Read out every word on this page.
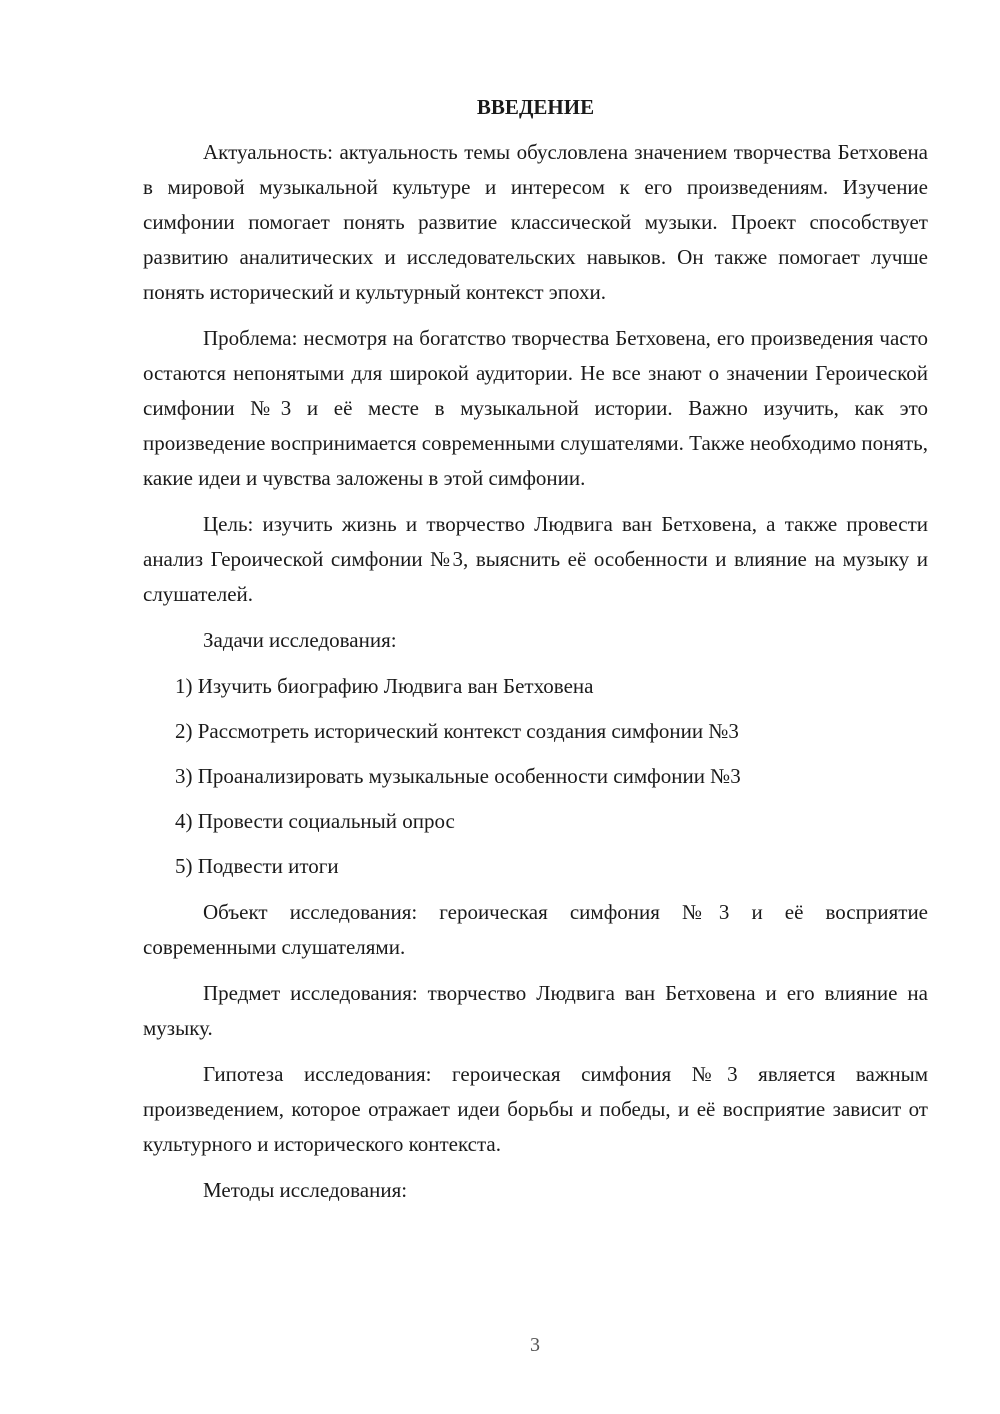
ВВЕДЕНИЕ

Актуальность: актуальность темы обусловлена значением творчества Бетховена в мировой музыкальной культуре и интересом к его произведениям. Изучение симфонии помогает понять развитие классической музыки. Проект способствует развитию аналитических и исследовательских навыков. Он также помогает лучше понять исторический и культурный контекст эпохи.

Проблема: несмотря на богатство творчества Бетховена, его произведения часто остаются непонятыми для широкой аудитории. Не все знают о значении Героической симфонии №3 и её месте в музыкальной истории. Важно изучить, как это произведение воспринимается современными слушателями. Также необходимо понять, какие идеи и чувства заложены в этой симфонии.

Цель: изучить жизнь и творчество Людвига ван Бетховена, а также провести анализ Героической симфонии №3, выяснить её особенности и влияние на музыку и слушателей.

Задачи исследования:

1) Изучить биографию Людвига ван Бетховена
2) Рассмотреть исторический контекст создания симфонии №3
3) Проанализировать музыкальные особенности симфонии №3
4) Провести социальный опрос
5) Подвести итоги

Объект исследования: героическая симфония №3 и её восприятие современными слушателями.

Предмет исследования: творчество Людвига ван Бетховена и его влияние на музыку.

Гипотеза исследования: героическая симфония №3 является важным произведением, которое отражает идеи борьбы и победы, и её восприятие зависит от культурного и исторического контекста.

Методы исследования:

3
